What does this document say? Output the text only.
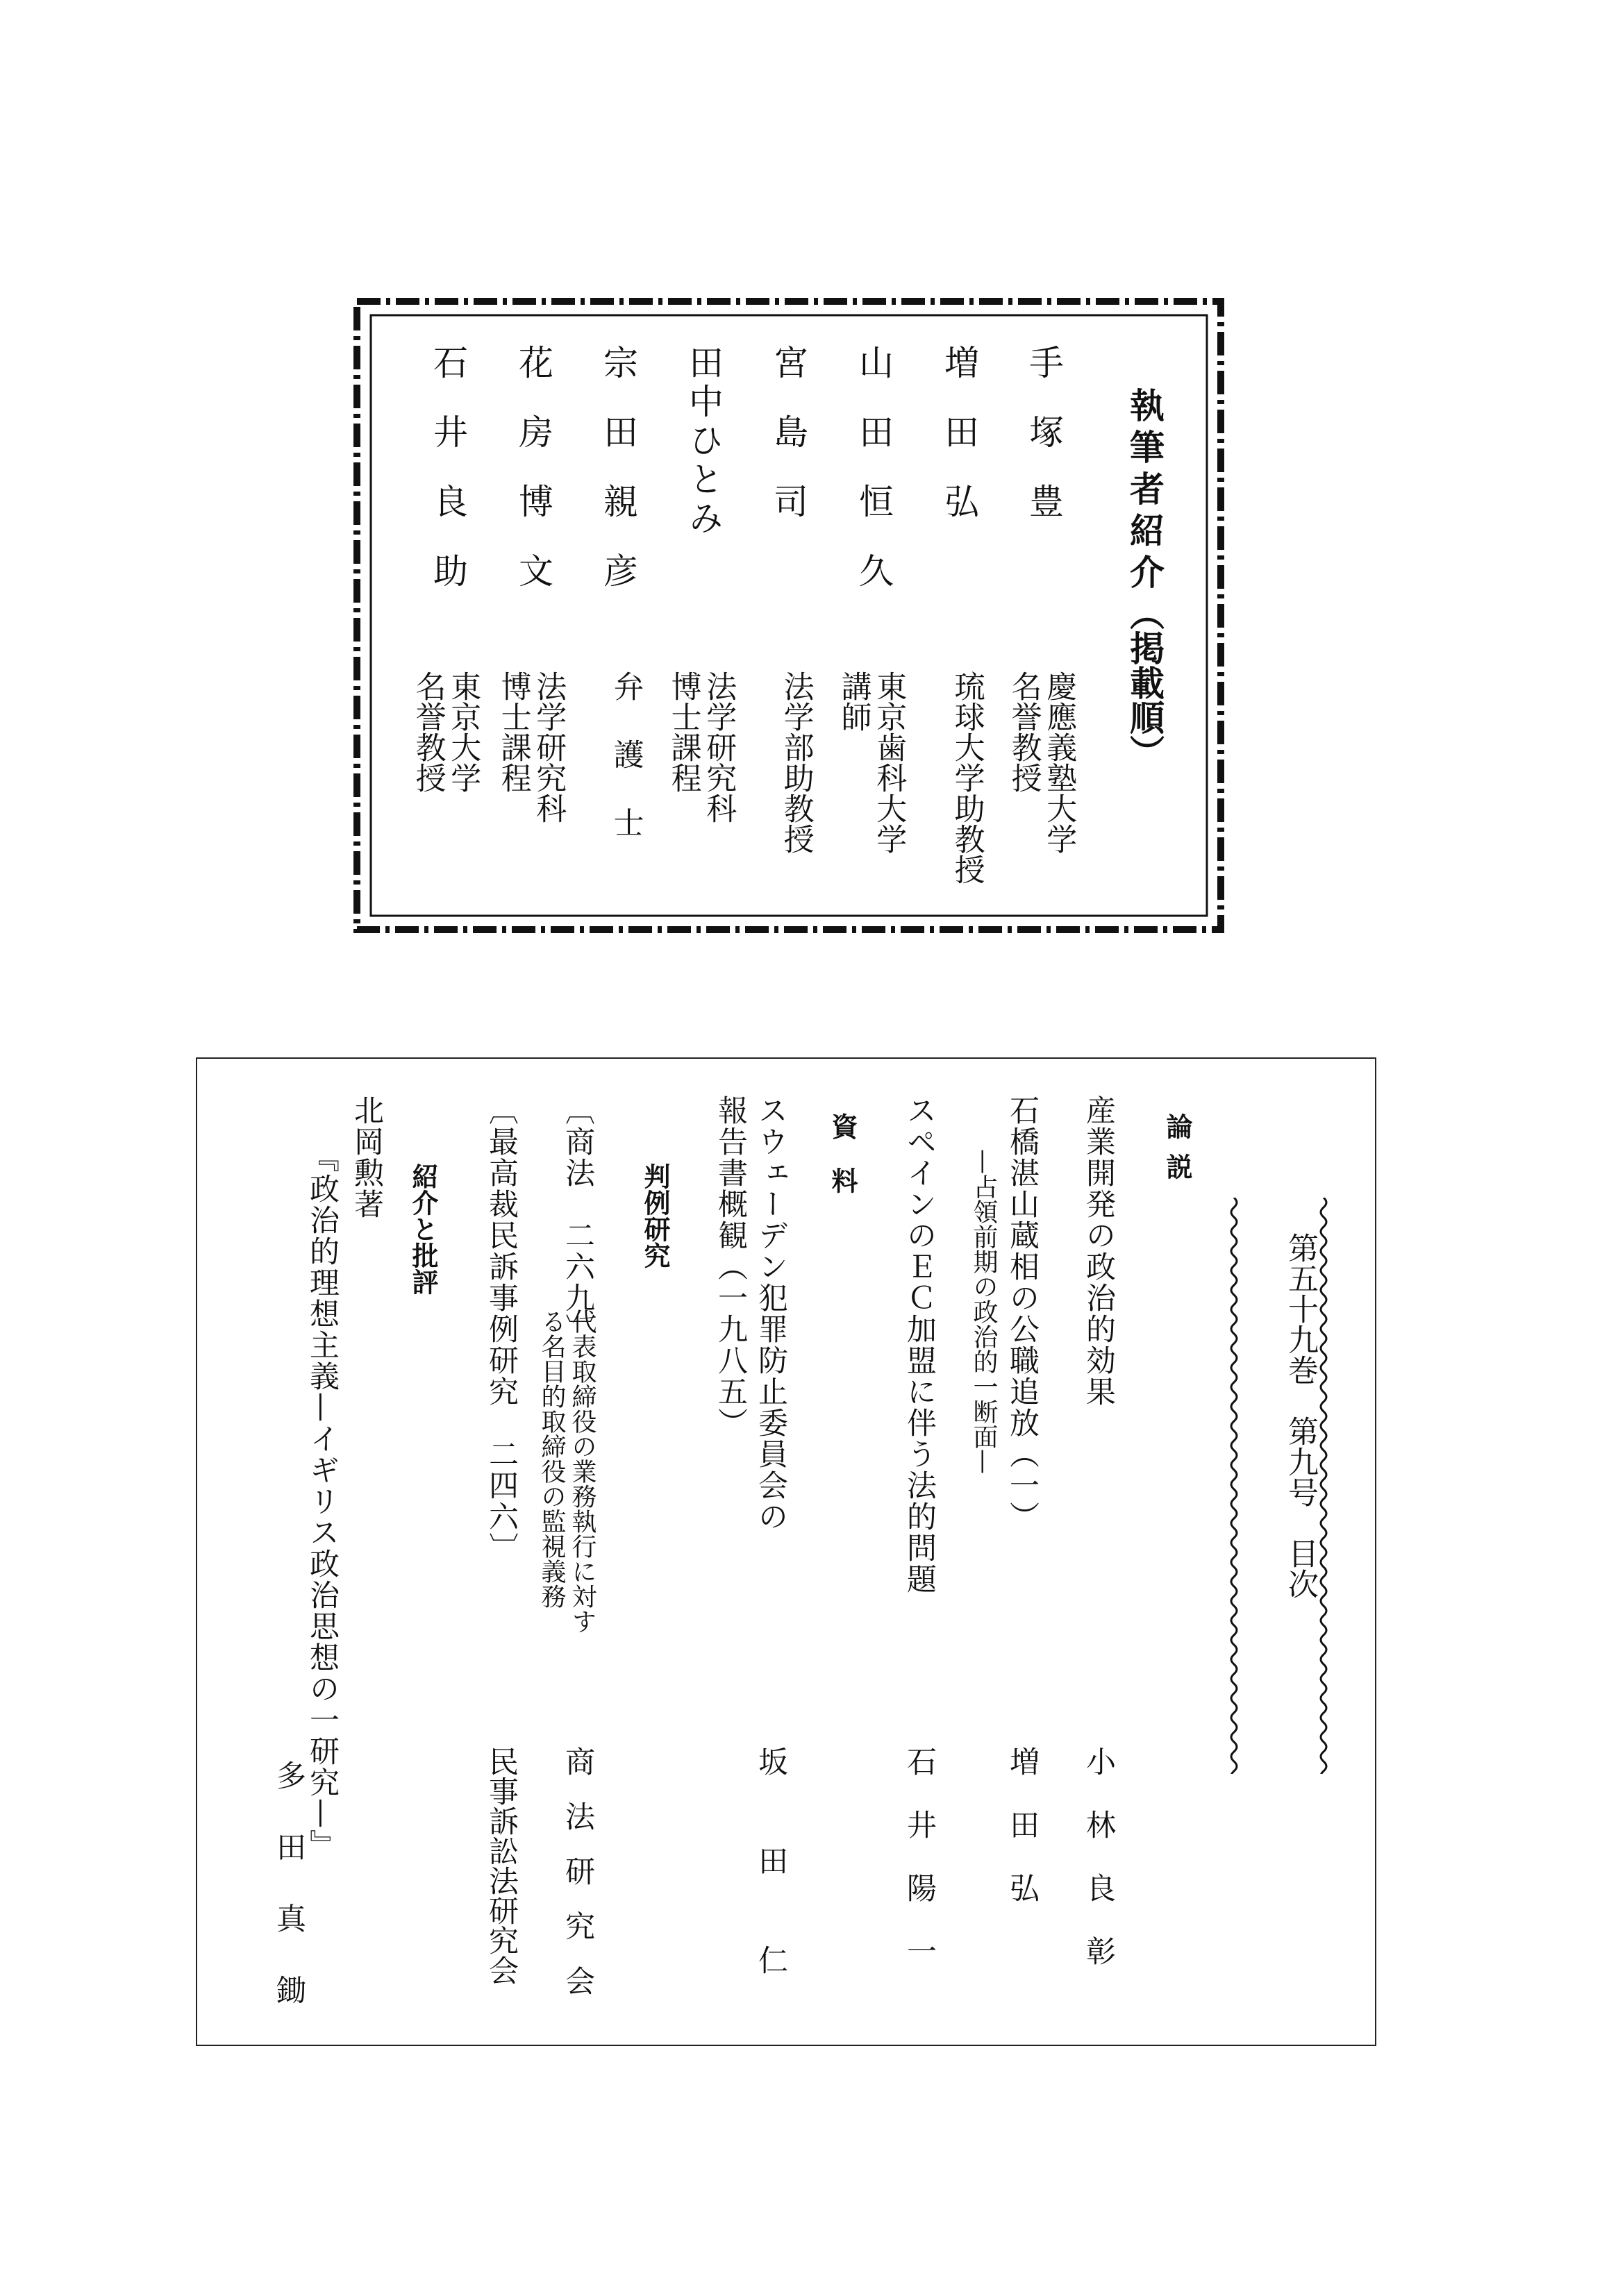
執筆者紹介（掲載順）
手塚豊
増田弘
山田恒久
宮島司
田中ひとみ
宗田親彦
花房博文
石井良助
慶應義塾大学
名誉教授
琉球大学助教授
東京歯科大学
講師
法学部助教授
法学研究科
博士課程
弁護士
法学研究科
博士課程
東京大学
名誉教授
第五十九巻　第九号　目次
論説
産業開発の政治的効果
小林良彰
石橋湛山蔵相の公職追放（一）
—占領前期の政治的一断面—
増田弘
スペインのＥＣ加盟に伴う法的問題
石井陽一
資料
スウェーデン犯罪防止委員会の
報告書概観（一九八五）
坂田仁
判例研究
〔商法　二六九〕
代表取締役の業務執行に対す
る名目的取締役の監視義務
商法研究会
〔最高裁民訴事例研究　二四六〕
民事訴訟法研究会
紹介と批評
北岡勲著
『政治的理想主義—イギリス政治思想の一研究—』
多田真鋤
